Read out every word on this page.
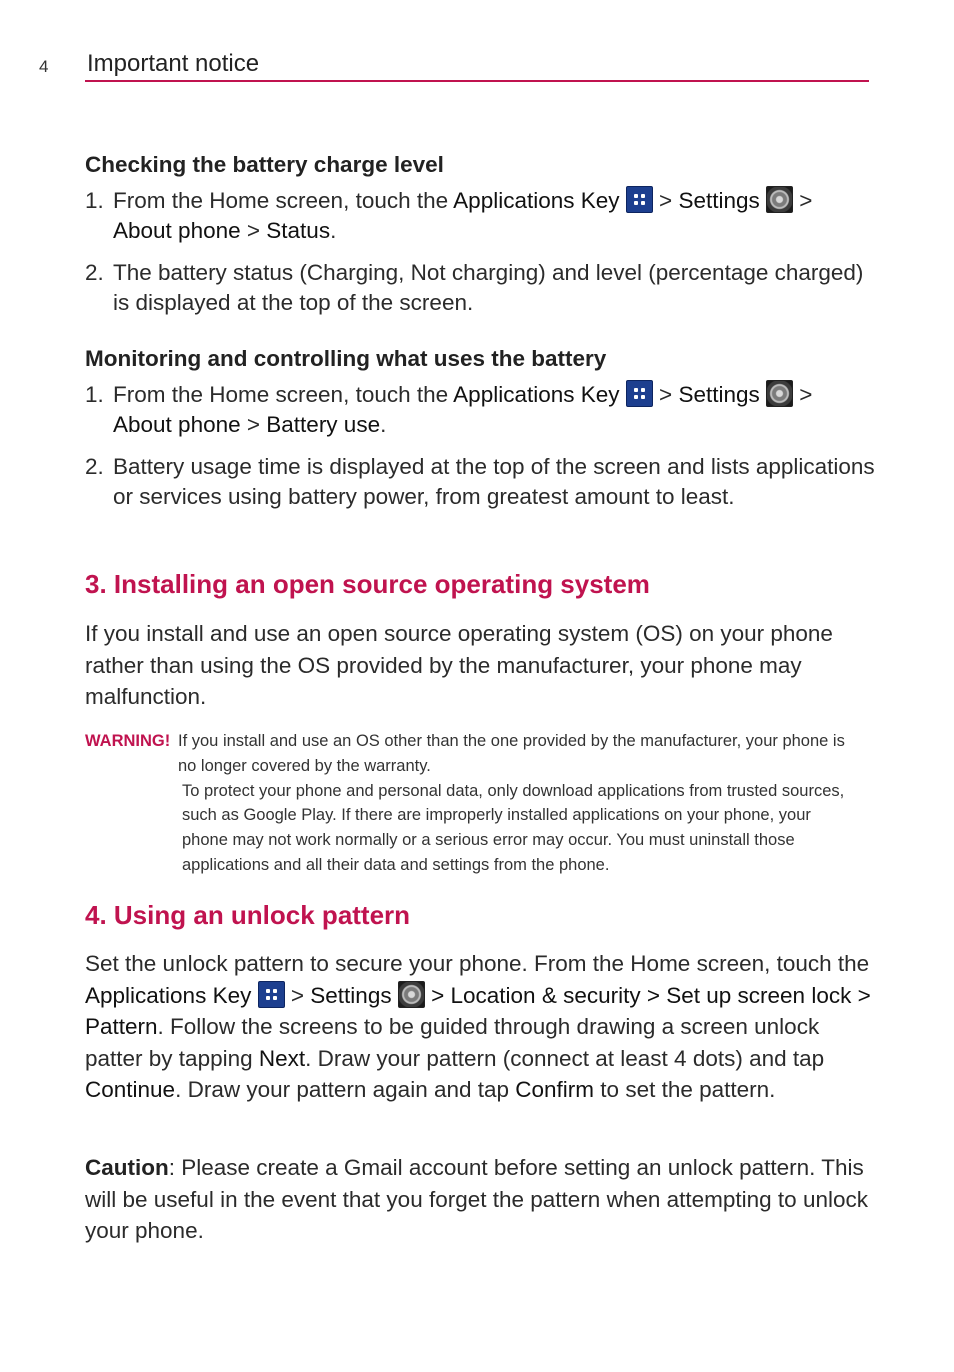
4 Important notice
Checking the battery charge level
1. From the Home screen, touch the Applications Key
> Settings  > About phone > Status.
2. The battery status (Charging, Not charging) and level (percentage charged) is displayed at the top of the screen.
Monitoring and controlling what uses the battery
1. From the Home screen, touch the Applications Key
> Settings  > About phone > Battery use.
2. Battery usage time is displayed at the top of the screen and lists applications or services using battery power, from greatest amount to least.
3. Installing an open source operating system
If you install and use an open source operating system (OS) on your phone rather than using the OS provided by the manufacturer, your phone may malfunction.
WARNING! If you install and use an OS other than the one provided by the manufacturer, your phone is no longer covered by the warranty.
To protect your phone and personal data, only download applications from trusted sources, such as Google Play. If there are improperly installed applications on your phone, your phone may not work normally or a serious error may occur. You must uninstall those applications and all their data and settings from the phone.
4. Using an unlock pattern
Set the unlock pattern to secure your phone. From the Home screen, touch the Applications Key
> Settings  > Location & security > Set up screen lock > Pattern. Follow the screens to be guided through drawing a screen unlock patter by tapping Next. Draw your pattern (connect at least 4 dots) and tap Continue. Draw your pattern again and tap Confirm to set the pattern.
Caution: Please create a Gmail account before setting an unlock pattern. This will be useful in the event that you forget the pattern when attempting to unlock your phone.
